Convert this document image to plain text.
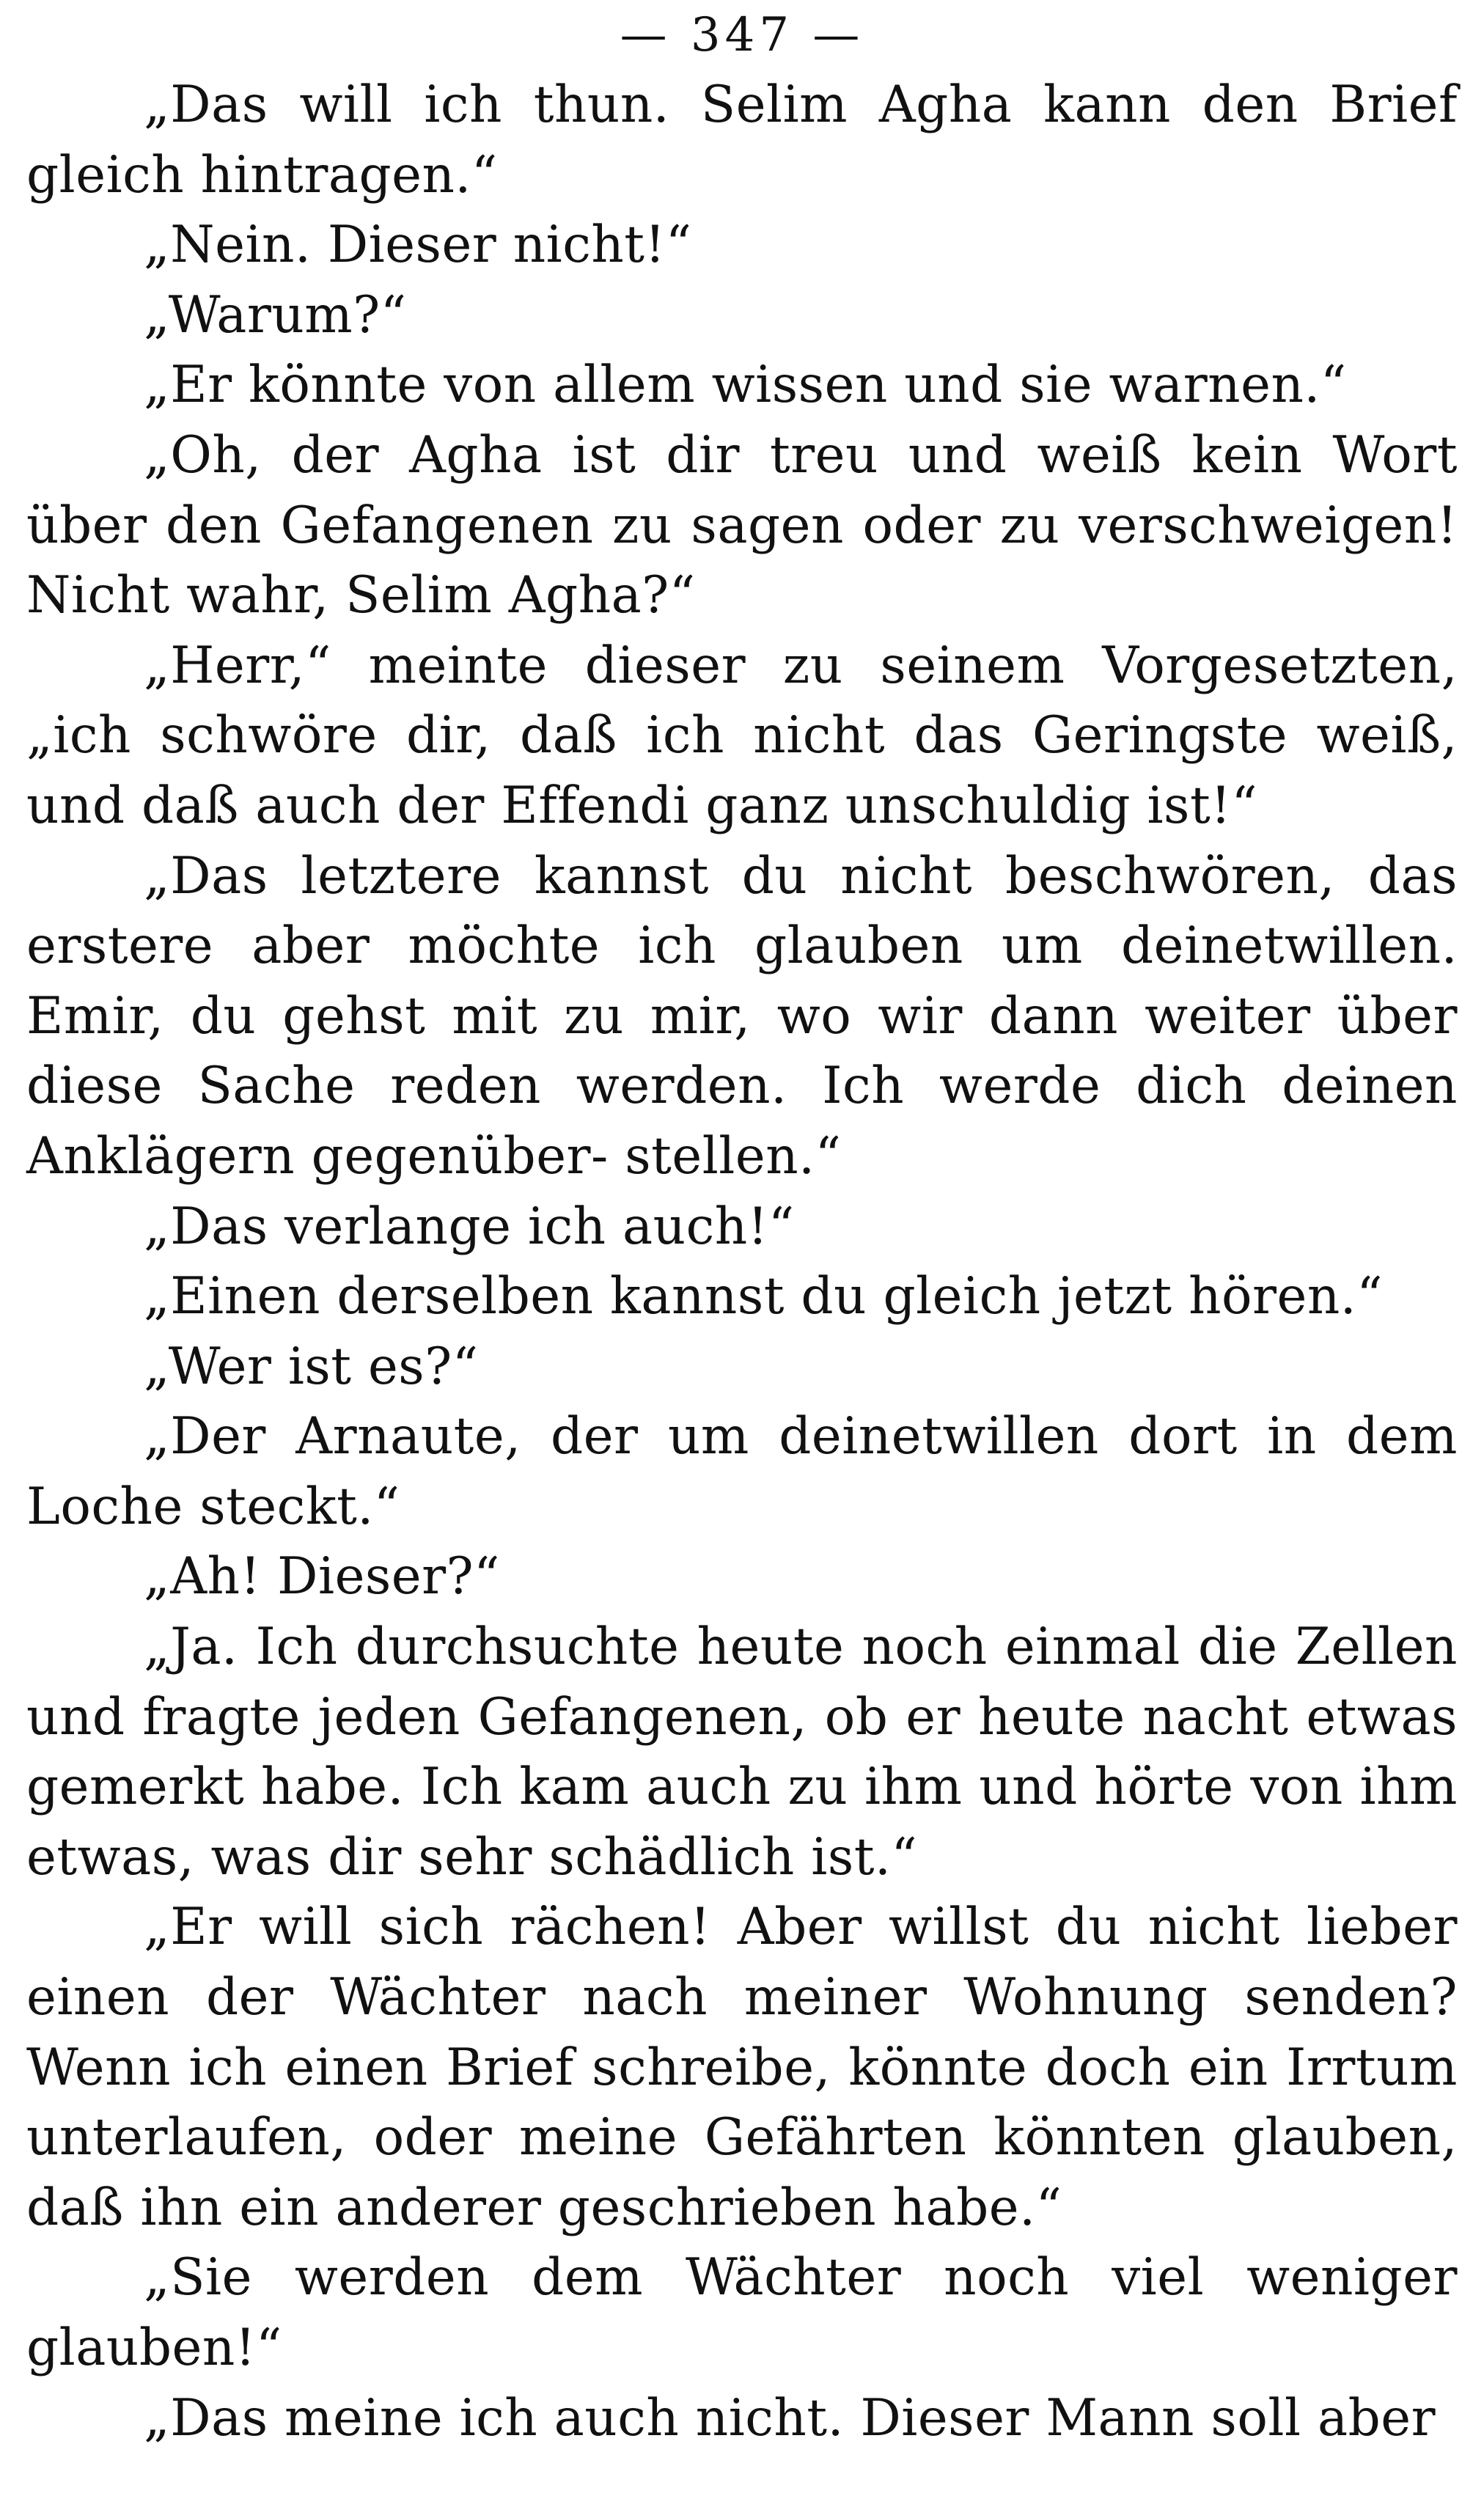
— 347 —

„Das will ich thun. Selim Agha kann den Brief gleich hintragen.“

„Nein. Dieser nicht!“

„Warum?“

„Er könnte von allem wissen und sie warnen.“

„Oh, der Agha ist dir treu und weiß kein Wort über den Gefangenen zu sagen oder zu verschweigen! Nicht wahr, Selim Agha?“

„Herr,“ meinte dieser zu seinem Vorgesetzten, „ich schwöre dir, daß ich nicht das Geringste weiß, und daß auch der Effendi ganz unschuldig ist!“

„Das letztere kannst du nicht beschwören, das erstere aber möchte ich glauben um deinetwillen. Emir, du gehst mit zu mir, wo wir dann weiter über diese Sache reden werden. Ich werde dich deinen Anklägern gegenüber- stellen.“

„Das verlange ich auch!“

„Einen derselben kannst du gleich jetzt hören.“

„Wer ist es?“

„Der Arnaute, der um deinetwillen dort in dem Loche steckt.“

„Ah! Dieser?“

„Ja. Ich durchsuchte heute noch einmal die Zellen und fragte jeden Gefangenen, ob er heute nacht etwas gemerkt habe. Ich kam auch zu ihm und hörte von ihm etwas, was dir sehr schädlich ist.“

„Er will sich rächen! Aber willst du nicht lieber einen der Wächter nach meiner Wohnung senden? Wenn ich einen Brief schreibe, könnte doch ein Irrtum unterlaufen, oder meine Gefährten könnten glauben, daß ihn ein anderer geschrieben habe.“

„Sie werden dem Wächter noch viel weniger glauben!“

„Das meine ich auch nicht. Dieser Mann soll aber
